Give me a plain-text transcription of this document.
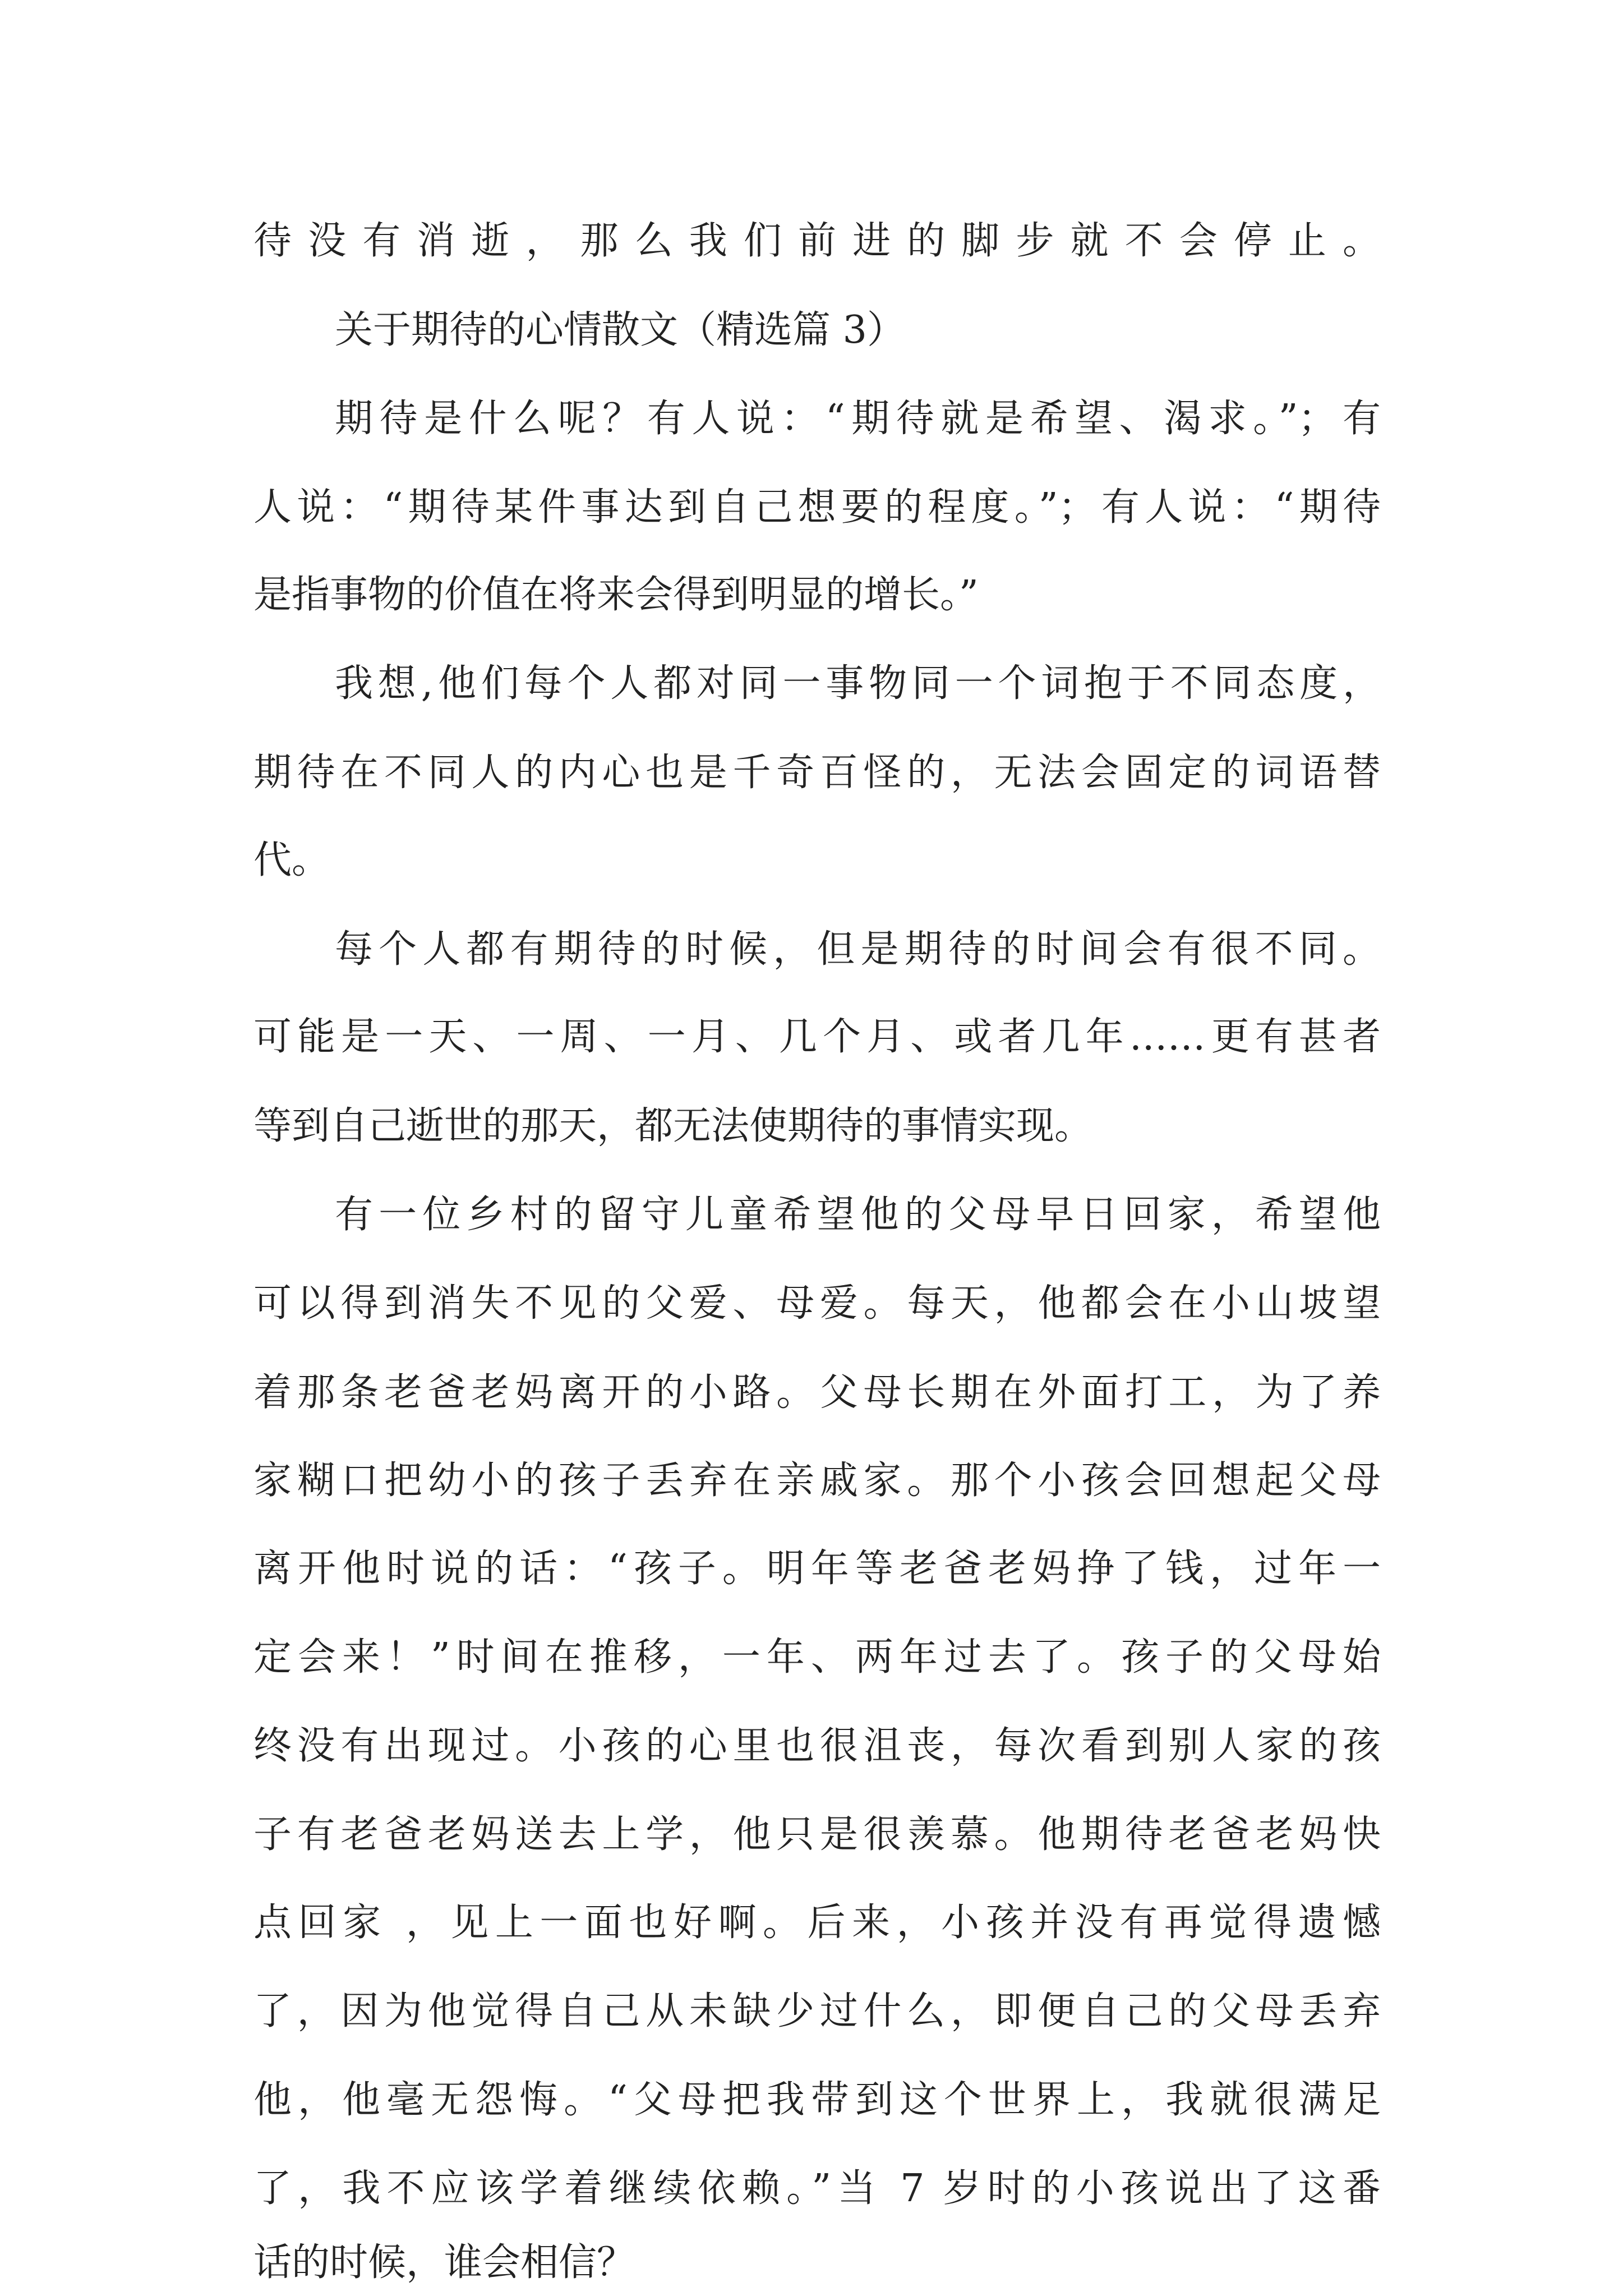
待没有消逝，那么我们前进的脚步就不会停止。

关于期待的心情散文（精选篇 3）

期待是什么呢？有人说：“期待就是希望、渴求。”；有

人说：“期待某件事达到自己想要的程度。”；有人说：“期待

是指事物的价值在将来会得到明显的增长。”

我想,他们每个人都对同一事物同一个词抱于不同态度，

期待在不同人的内心也是千奇百怪的，无法会固定的词语替

代。

每个人都有期待的时候，但是期待的时间会有很不同。

可能是一天、一周、一月、几个月、或者几年……更有甚者

等到自己逝世的那天，都无法使期待的事情实现。

有一位乡村的留守儿童希望他的父母早日回家，希望他

可以得到消失不见的父爱、母爱。每天，他都会在小山坡望

着那条老爸老妈离开的小路。父母长期在外面打工，为了养

家糊口把幼小的孩子丢弃在亲戚家。那个小孩会回想起父母

离开他时说的话：“孩子。明年等老爸老妈挣了钱，过年一

定会来！”时间在推移，一年、两年过去了。孩子的父母始

终没有出现过。小孩的心里也很沮丧，每次看到别人家的孩

子有老爸老妈送去上学，他只是很羡慕。他期待老爸老妈快

点回家 ，见上一面也好啊。后来，小孩并没有再觉得遗憾

了，因为他觉得自己从未缺少过什么，即便自己的父母丢弃

他，他毫无怨悔。“父母把我带到这个世界上，我就很满足

了，我不应该学着继续依赖。”当 7 岁时的小孩说出了这番

话的时候，谁会相信？
